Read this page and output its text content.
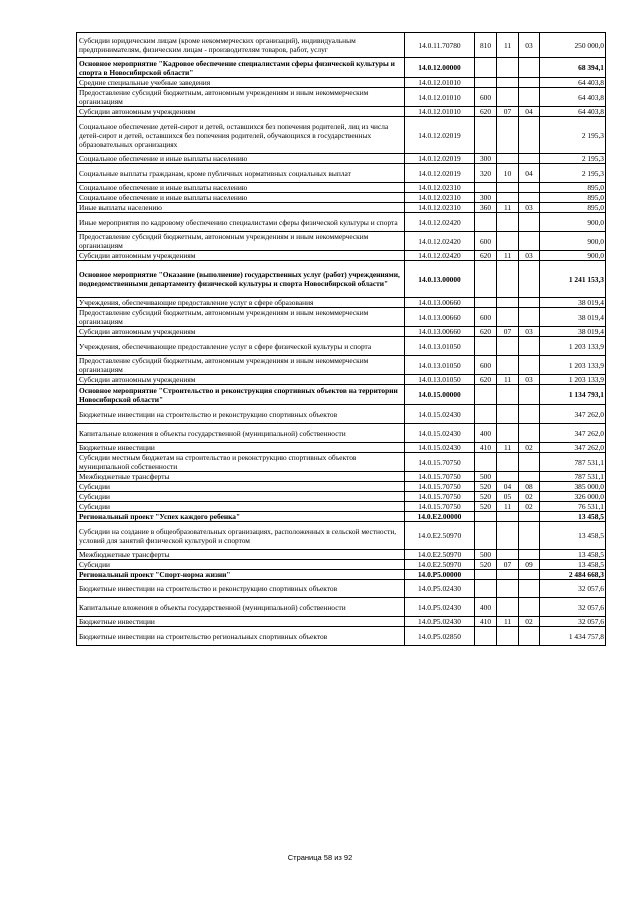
Субсидии юридическим лицам (кроме некоммерческих организаций), индивидуальным предпринимателям, физическим лицам - производителям товаров, работ, услуг	14.0.11.70780	810	11	03	250 000,0
Основное мероприятие "Кадровое обеспечение специалистами сферы физической культуры и спорта в Новосибирской области"	14.0.12.00000				68 394,1
Средние специальные учебные заведения	14.0.12.01010				64 403,8
Предоставление субсидий бюджетным, автономным учреждениям и иным некоммерческим организациям	14.0.12.01010	600			64 403,8
Субсидии автономным учреждениям	14.0.12.01010	620	07	04	64 403,8
Социальное обеспечение детей-сирот и детей, оставшихся без попечения родителей, лиц из числа детей-сирот и детей, оставшихся без попечения родителей, обучающихся в государственных образовательных организациях	14.0.12.02019				2 195,3
Социальное обеспечение и иные выплаты населению	14.0.12.02019	300			2 195,3
Социальные выплаты гражданам, кроме публичных нормативных социальных выплат	14.0.12.02019	320	10	04	2 195,3
Социальное обеспечение и иные выплаты населению	14.0.12.02310				895,0
Социальное обеспечение и иные выплаты населению	14.0.12.02310	300			895,0
Иные выплаты населению	14.0.12.02310	360	11	03	895,0
Иные мероприятия по кадровому обеспечению специалистами сферы физической культуры и спорта	14.0.12.02420				900,0
Предоставление субсидий бюджетным, автономным учреждениям и иным некоммерческим организациям	14.0.12.02420	600			900,0
Субсидии автономным учреждениям	14.0.12.02420	620	11	03	900,0
Основное мероприятие "Оказание (выполнение) государственных услуг (работ) учреждениями, подведомственными департаменту физической культуры и спорта Новосибирской области"	14.0.13.00000				1 241 153,3
Учреждения, обеспечивающие предоставление услуг в сфере образования	14.0.13.00660				38 019,4
Предоставление субсидий бюджетным, автономным учреждениям и иным некоммерческим организациям	14.0.13.00660	600			38 019,4
Субсидии автономным учреждениям	14.0.13.00660	620	07	03	38 019,4
Учреждения, обеспечивающие предоставление услуг в сфере физической культуры и спорта	14.0.13.01050				1 203 133,9
Предоставление субсидий бюджетным, автономным учреждениям и иным некоммерческим организациям	14.0.13.01050	600			1 203 133,9
Субсидии автономным учреждениям	14.0.13.01050	620	11	03	1 203 133,9
Основное мероприятие "Строительство и реконструкция спортивных объектов на территории Новосибирской области"	14.0.15.00000				1 134 793,1
Бюджетные инвестиции на строительство и реконструкцию спортивных объектов	14.0.15.02430				347 262,0
Капитальные вложения в объекты государственной (муниципальной) собственности	14.0.15.02430	400			347 262,0
Бюджетные инвестиции	14.0.15.02430	410	11	02	347 262,0
Субсидии местным бюджетам на строительство и реконструкцию спортивных объектов муниципальной собственности	14.0.15.70750				787 531,1
Межбюджетные трансферты	14.0.15.70750	500			787 531,1
Субсидии	14.0.15.70750	520	04	08	385 000,0
Субсидии	14.0.15.70750	520	05	02	326 000,0
Субсидии	14.0.15.70750	520	11	02	76 531,1
Региональный проект "Успех каждого ребенка"	14.0.E2.00000				13 458,5
Субсидии на создание в общеобразовательных организациях, расположенных в сельской местности, условий для занятий физической культурой и спортом	14.0.E2.50970				13 458,5
Межбюджетные трансферты	14.0.E2.50970	500			13 458,5
Субсидии	14.0.E2.50970	520	07	09	13 458,5
Региональный проект "Спорт-норма жизни"	14.0.P5.00000				2 484 668,3
Бюджетные инвестиции на строительство и реконструкцию спортивных объектов	14.0.P5.02430				32 057,6
Капитальные вложения в объекты государственной (муниципальной) собственности	14.0.P5.02430	400			32 057,6
Бюджетные инвестиции	14.0.P5.02430	410	11	02	32 057,6
Бюджетные инвестиции на строительство региональных спортивных объектов	14.0.P5.02850				1 434 757,8
Страница 58 из 92
